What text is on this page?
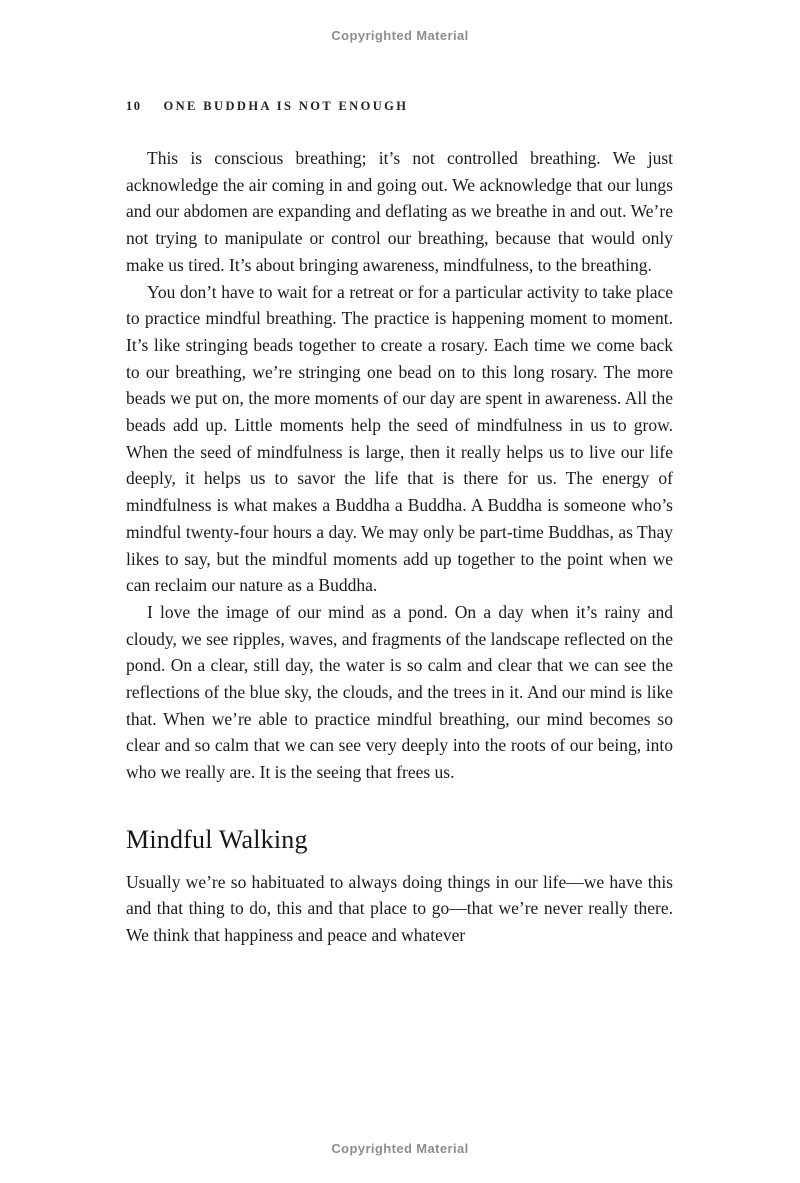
Copyrighted Material
10 ONE BUDDHA IS NOT ENOUGH

This is conscious breathing; it’s not controlled breathing. We just acknowledge the air coming in and going out. We acknowledge that our lungs and our abdomen are expanding and deflating as we breathe in and out. We’re not trying to manipulate or control our breathing, because that would only make us tired. It’s about bringing awareness, mindfulness, to the breathing.

You don’t have to wait for a retreat or for a particular activity to take place to practice mindful breathing. The practice is happening moment to moment. It’s like stringing beads together to create a rosary. Each time we come back to our breathing, we’re stringing one bead on to this long rosary. The more beads we put on, the more moments of our day are spent in awareness. All the beads add up. Little moments help the seed of mindfulness in us to grow. When the seed of mindfulness is large, then it really helps us to live our life deeply, it helps us to savor the life that is there for us. The energy of mindfulness is what makes a Buddha a Buddha. A Buddha is someone who’s mindful twenty-four hours a day. We may only be part-time Buddhas, as Thay likes to say, but the mindful moments add up together to the point when we can reclaim our nature as a Buddha.

I love the image of our mind as a pond. On a day when it’s rainy and cloudy, we see ripples, waves, and fragments of the landscape reflected on the pond. On a clear, still day, the water is so calm and clear that we can see the reflections of the blue sky, the clouds, and the trees in it. And our mind is like that. When we’re able to practice mindful breathing, our mind becomes so clear and so calm that we can see very deeply into the roots of our being, into who we really are. It is the seeing that frees us.

Mindful Walking

Usually we’re so habituated to always doing things in our life—we have this and that thing to do, this and that place to go—that we’re never really there. We think that happiness and peace and whatever

Copyrighted Material
